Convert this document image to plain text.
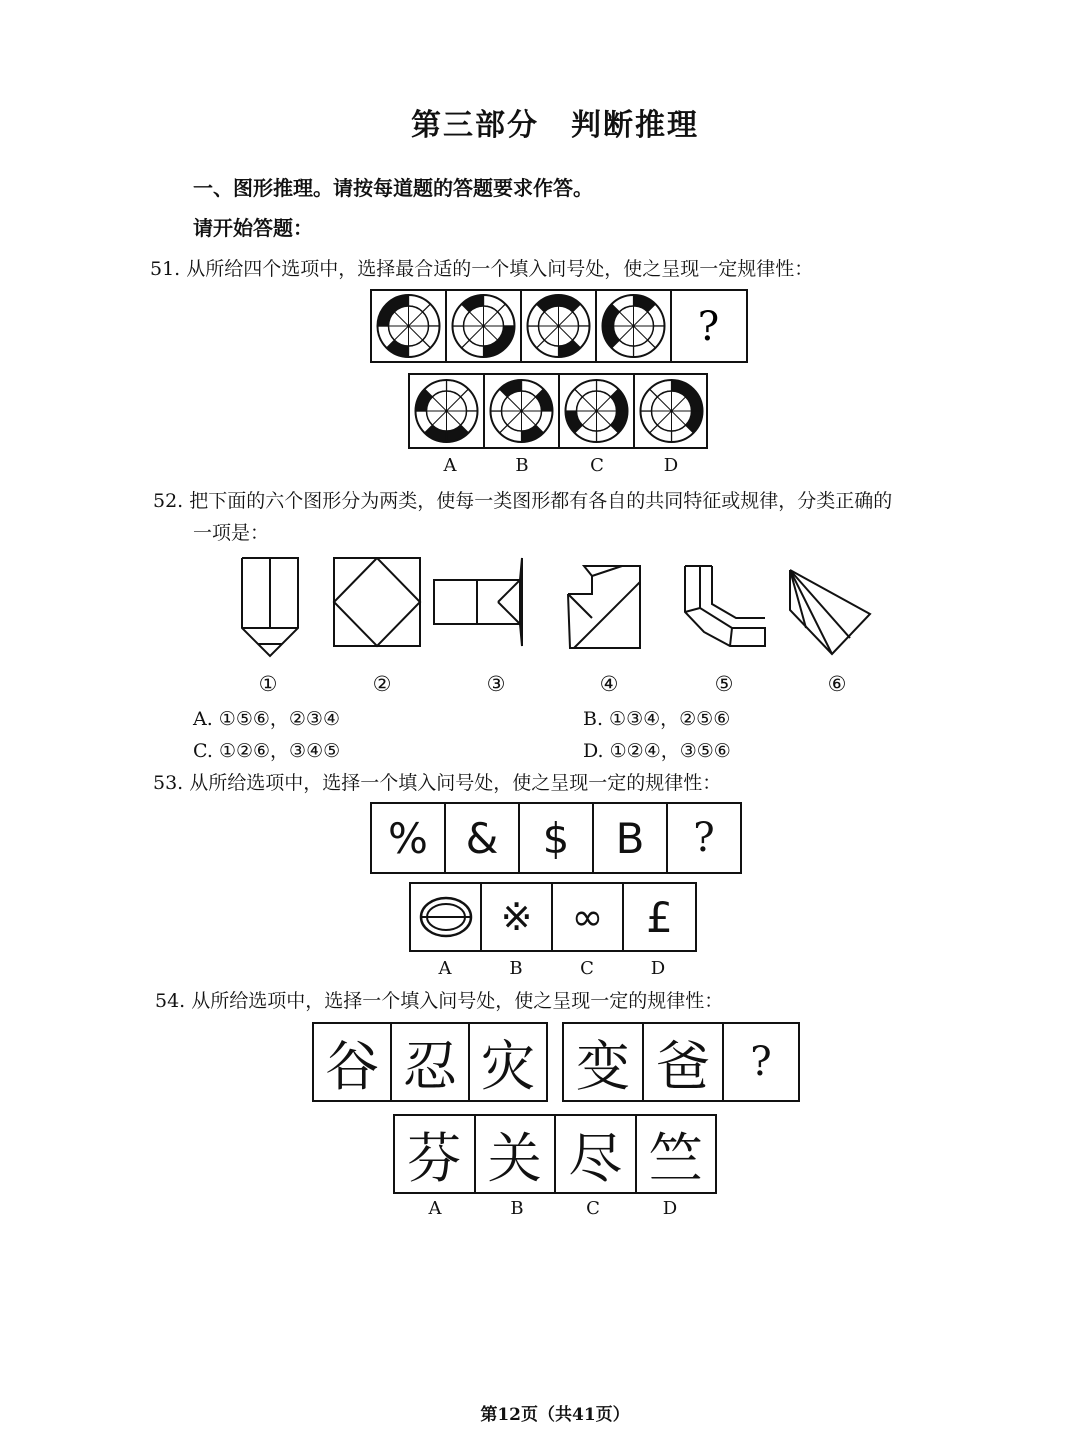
第三部分　判断推理
一、图形推理。请按每道题的答题要求作答。
请开始答题：
51. 从所给四个选项中，选择最合适的一个填入问号处，使之呈现一定规律性：
?
A	B	C	D
52. 把下面的六个图形分为两类，使每一类图形都有各自的共同特征或规律，分类正确的
一项是：
①	②	③	④	⑤	⑥
A. ①⑤⑥，②③④	B. ①③④，②⑤⑥
C. ①②⑥，③④⑤	D. ①②④，③⑤⑥
53. 从所给选项中，选择一个填入问号处，使之呈现一定的规律性：
% &	$	B	?
※	∞	£
A	B	C	D
54. 从所给选项中，选择一个填入问号处，使之呈现一定的规律性：
谷 忍 灾 变 爸	?
芬 关 尽 竺
A	B	C	D
第12页（共41页）
